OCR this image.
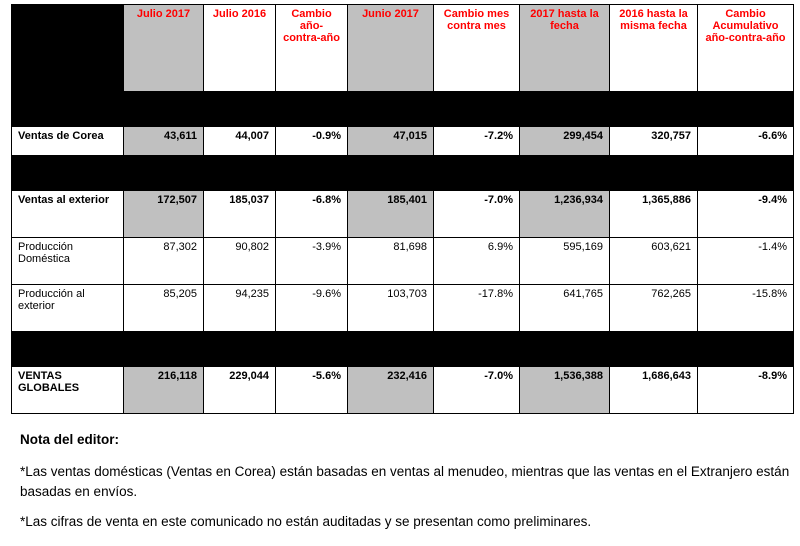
	Julio 2017	Julio 2016	Cambio año-contra-año	Junio 2017	Cambio mes contra mes	2017 hasta la fecha	2016 hasta la misma fecha	Cambio Acumulativo año-contra-año

Ventas de Corea	43,611	44,007	-0.9%	47,015	-7.2%	299,454	320,757	-6.6%

Ventas al exterior	172,507	185,037	-6.8%	185,401	-7.0%	1,236,934	1,365,886	-9.4%
Producción Doméstica	87,302	90,802	-3.9%	81,698	6.9%	595,169	603,621	-1.4%
Producción al exterior	85,205	94,235	-9.6%	103,703	-17.8%	641,765	762,265	-15.8%

VENTAS GLOBALES	216,118	229,044	-5.6%	232,416	-7.0%	1,536,388	1,686,643	-8.9%
Nota del editor:

*Las ventas domésticas (Ventas en Corea) están basadas en ventas al menudeo, mientras que las ventas en el Extranjero están basadas en envíos.

*Las cifras de venta en este comunicado no están auditadas y se presentan como preliminares.
